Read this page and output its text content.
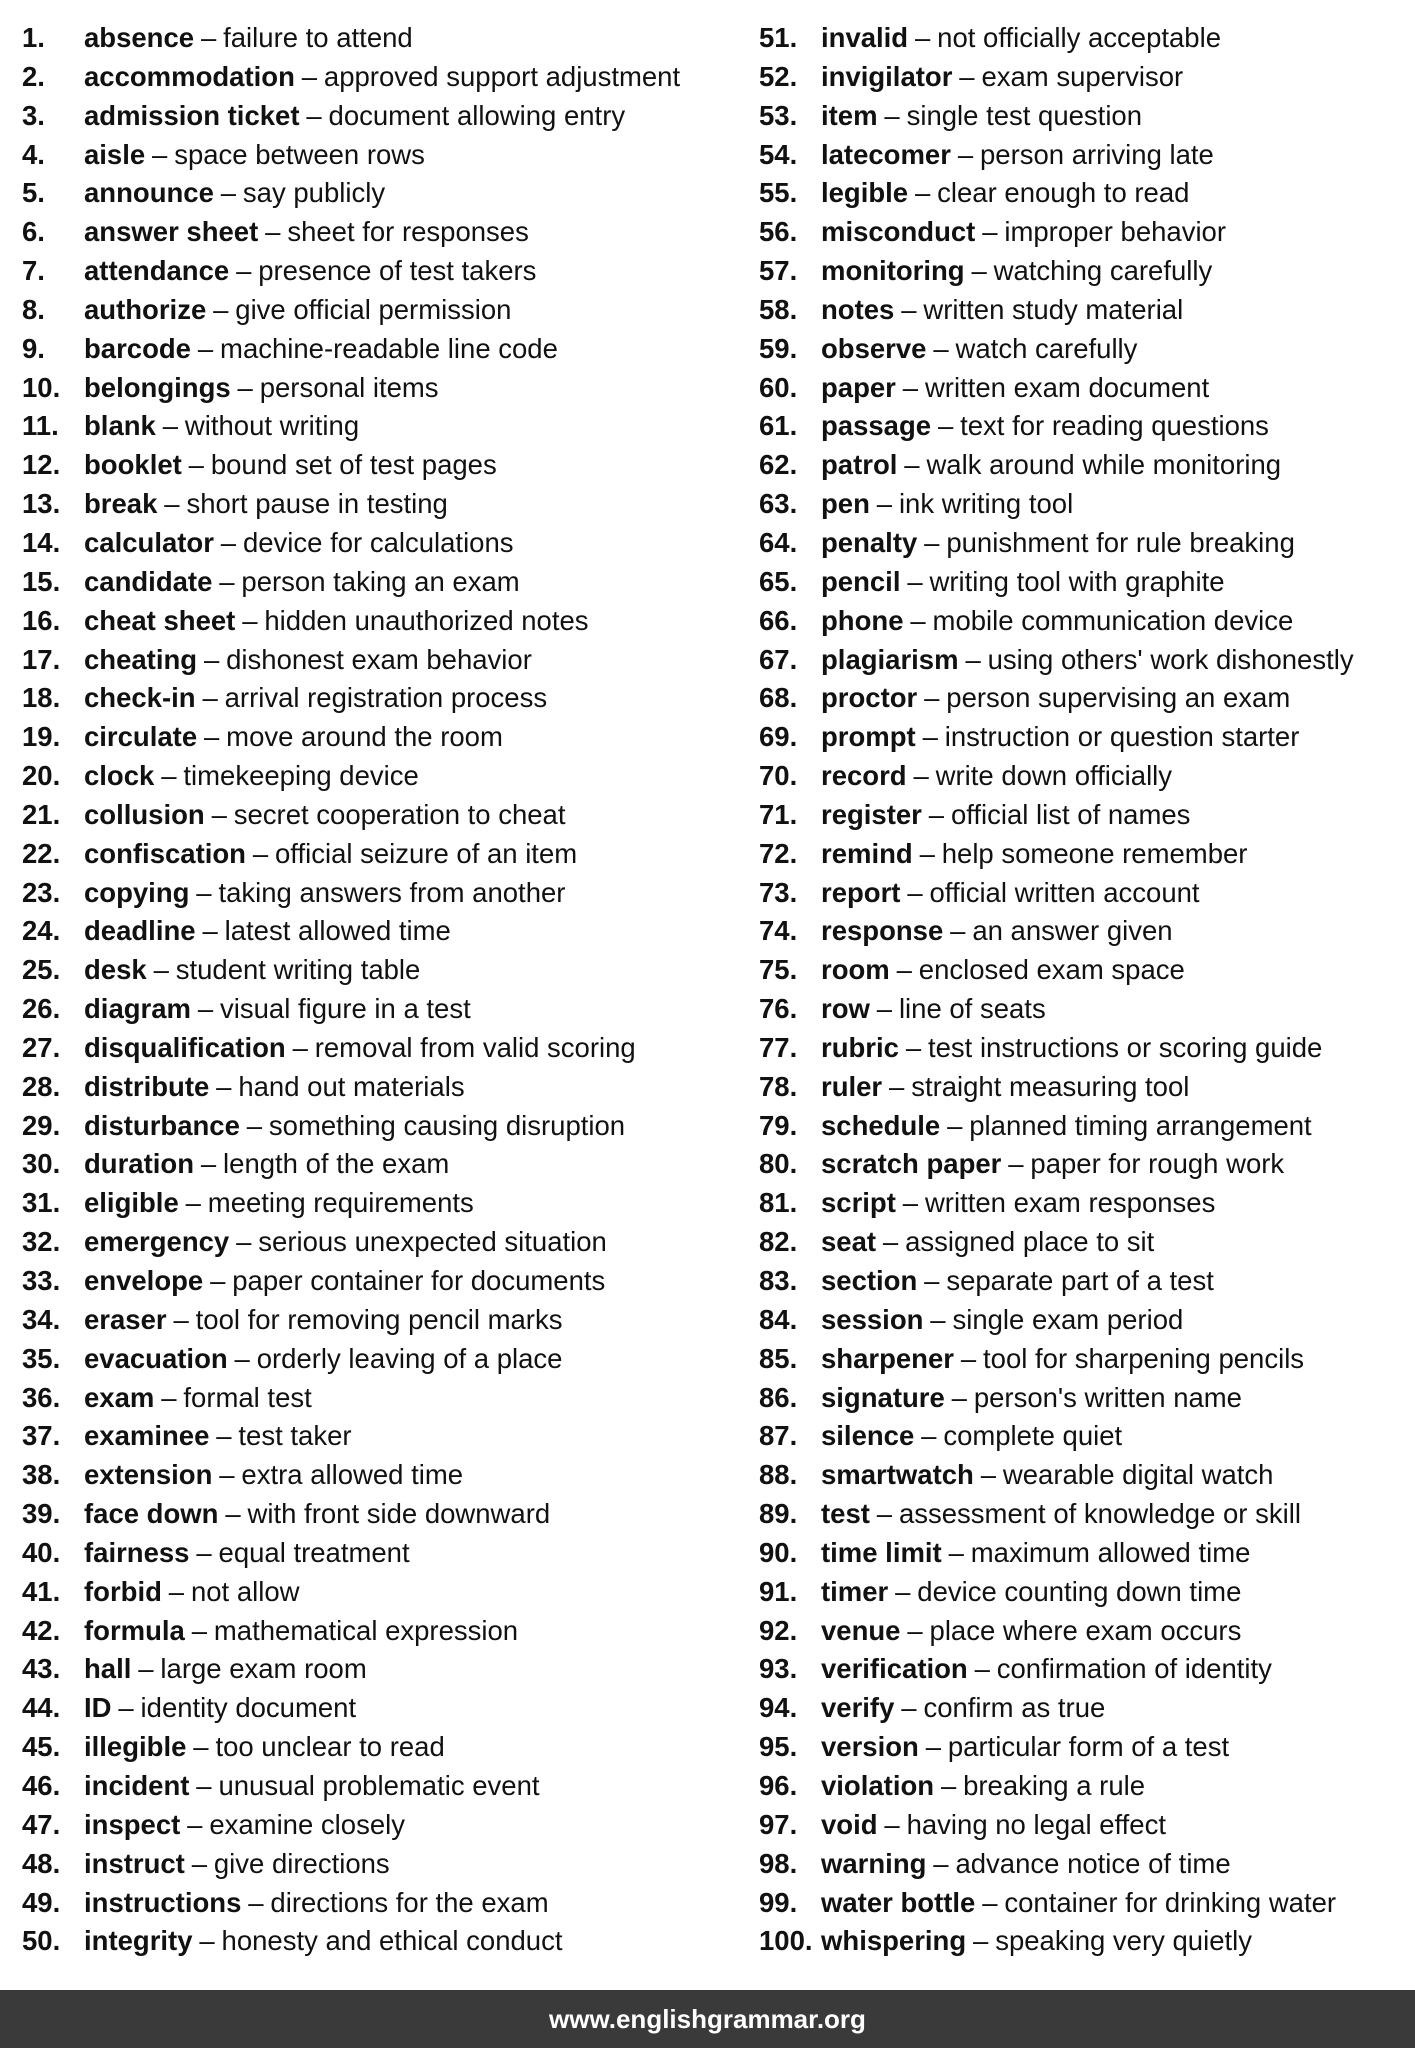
1.	absence – failure to attend
2.	accommodation – approved support adjustment
3.	admission ticket – document allowing entry
4.	aisle – space between rows
5.	announce – say publicly
6.	answer sheet – sheet for responses
7.	attendance – presence of test takers
8.	authorize – give official permission
9.	barcode – machine-readable line code
10. belongings – personal items
11. blank – without writing
12. booklet – bound set of test pages
13. break – short pause in testing
14. calculator – device for calculations
15. candidate – person taking an exam
16. cheat sheet – hidden unauthorized notes
17. cheating – dishonest exam behavior
18. check-in – arrival registration process
19. circulate – move around the room
20. clock – timekeeping device
21. collusion – secret cooperation to cheat
22. confiscation – official seizure of an item
23. copying – taking answers from another
24. deadline – latest allowed time
25. desk – student writing table
26. diagram – visual figure in a test
27. disqualification – removal from valid scoring
28. distribute – hand out materials
29. disturbance – something causing disruption
30. duration – length of the exam
31. eligible – meeting requirements
32. emergency – serious unexpected situation
33. envelope – paper container for documents
34. eraser – tool for removing pencil marks
35. evacuation – orderly leaving of a place
36. exam – formal test
37. examinee – test taker
38. extension – extra allowed time
39. face down – with front side downward
40. fairness – equal treatment
41. forbid – not allow
42. formula – mathematical expression
43. hall – large exam room
44. ID – identity document
45. illegible – too unclear to read
46. incident – unusual problematic event
47. inspect – examine closely
48. instruct – give directions
49. instructions – directions for the exam
50. integrity – honesty and ethical conduct
51. invalid – not officially acceptable
52. invigilator – exam supervisor
53. item – single test question
54. latecomer – person arriving late
55. legible – clear enough to read
56. misconduct – improper behavior
57. monitoring – watching carefully
58. notes – written study material
59. observe – watch carefully
60. paper – written exam document
61. passage – text for reading questions
62. patrol – walk around while monitoring
63. pen – ink writing tool
64. penalty – punishment for rule breaking
65. pencil – writing tool with graphite
66. phone – mobile communication device
67. plagiarism – using others' work dishonestly
68. proctor – person supervising an exam
69. prompt – instruction or question starter
70. record – write down officially
71. register – official list of names
72. remind – help someone remember
73. report – official written account
74. response – an answer given
75. room – enclosed exam space
76. row – line of seats
77. rubric – test instructions or scoring guide
78. ruler – straight measuring tool
79. schedule – planned timing arrangement
80. scratch paper – paper for rough work
81. script – written exam responses
82. seat – assigned place to sit
83. section – separate part of a test
84. session – single exam period
85. sharpener – tool for sharpening pencils
86. signature – person's written name
87. silence – complete quiet
88. smartwatch – wearable digital watch
89. test – assessment of knowledge or skill
90. time limit – maximum allowed time
91. timer – device counting down time
92. venue – place where exam occurs
93. verification – confirmation of identity
94. verify – confirm as true
95. version – particular form of a test
96. violation – breaking a rule
97. void – having no legal effect
98. warning – advance notice of time
99. water bottle – container for drinking water
100. whispering – speaking very quietly
www.englishgrammar.org
